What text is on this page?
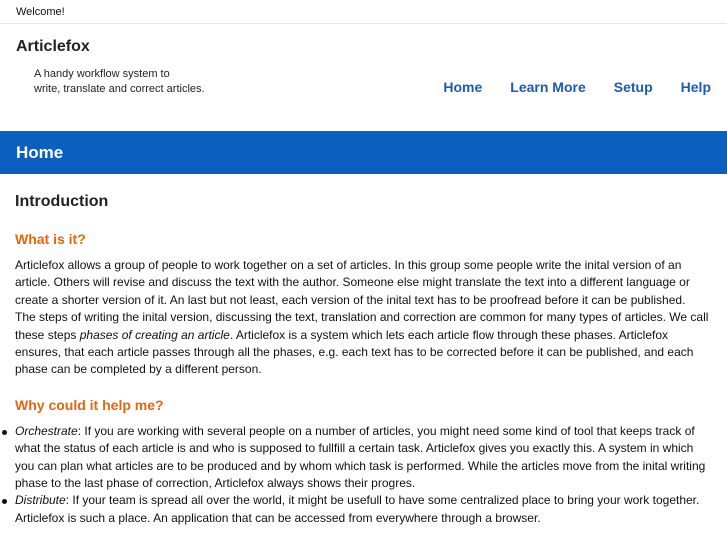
Welcome!
Articlefox
A handy workflow system to
write, translate and correct articles.	Home Learn More Setup Help
Home
Introduction
What is it?

Articlefox allows a group of people to work together on a set of articles. In this group some people write the inital version of an article. Others will revise and discuss the text with the author. Someone else might translate the text into a different language or create a shorter version of it. An last but not least, each version of the inital text has to be proofread before it can be published.

The steps of writing the inital version, discussing the text, translation and correction are common for many types of articles. We call these steps phases of creating an article. Articlefox is a system which lets each article flow through these phases. Articlefox ensures, that each article passes through all the phases, e.g. each text has to be corrected before it can be published, and each phase can be completed by a different person.

Why could it help me?
Orchestrate: If you are working with several people on a number of articles, you might need some kind of tool that keeps track of what the status of each article is and who is supposed to fullfill a certain task. Articlefox gives you exactly this. A system in which you can plan what articles are to be produced and by whom which task is performed. While the articles move from the inital writing phase to the last phase of correction, Articlefox always shows their progres.
Distribute: If your team is spread all over the world, it might be usefull to have some centralized place to bring your work together. Articlefox is such a place. An application that can be accessed from everywhere through a browser.
